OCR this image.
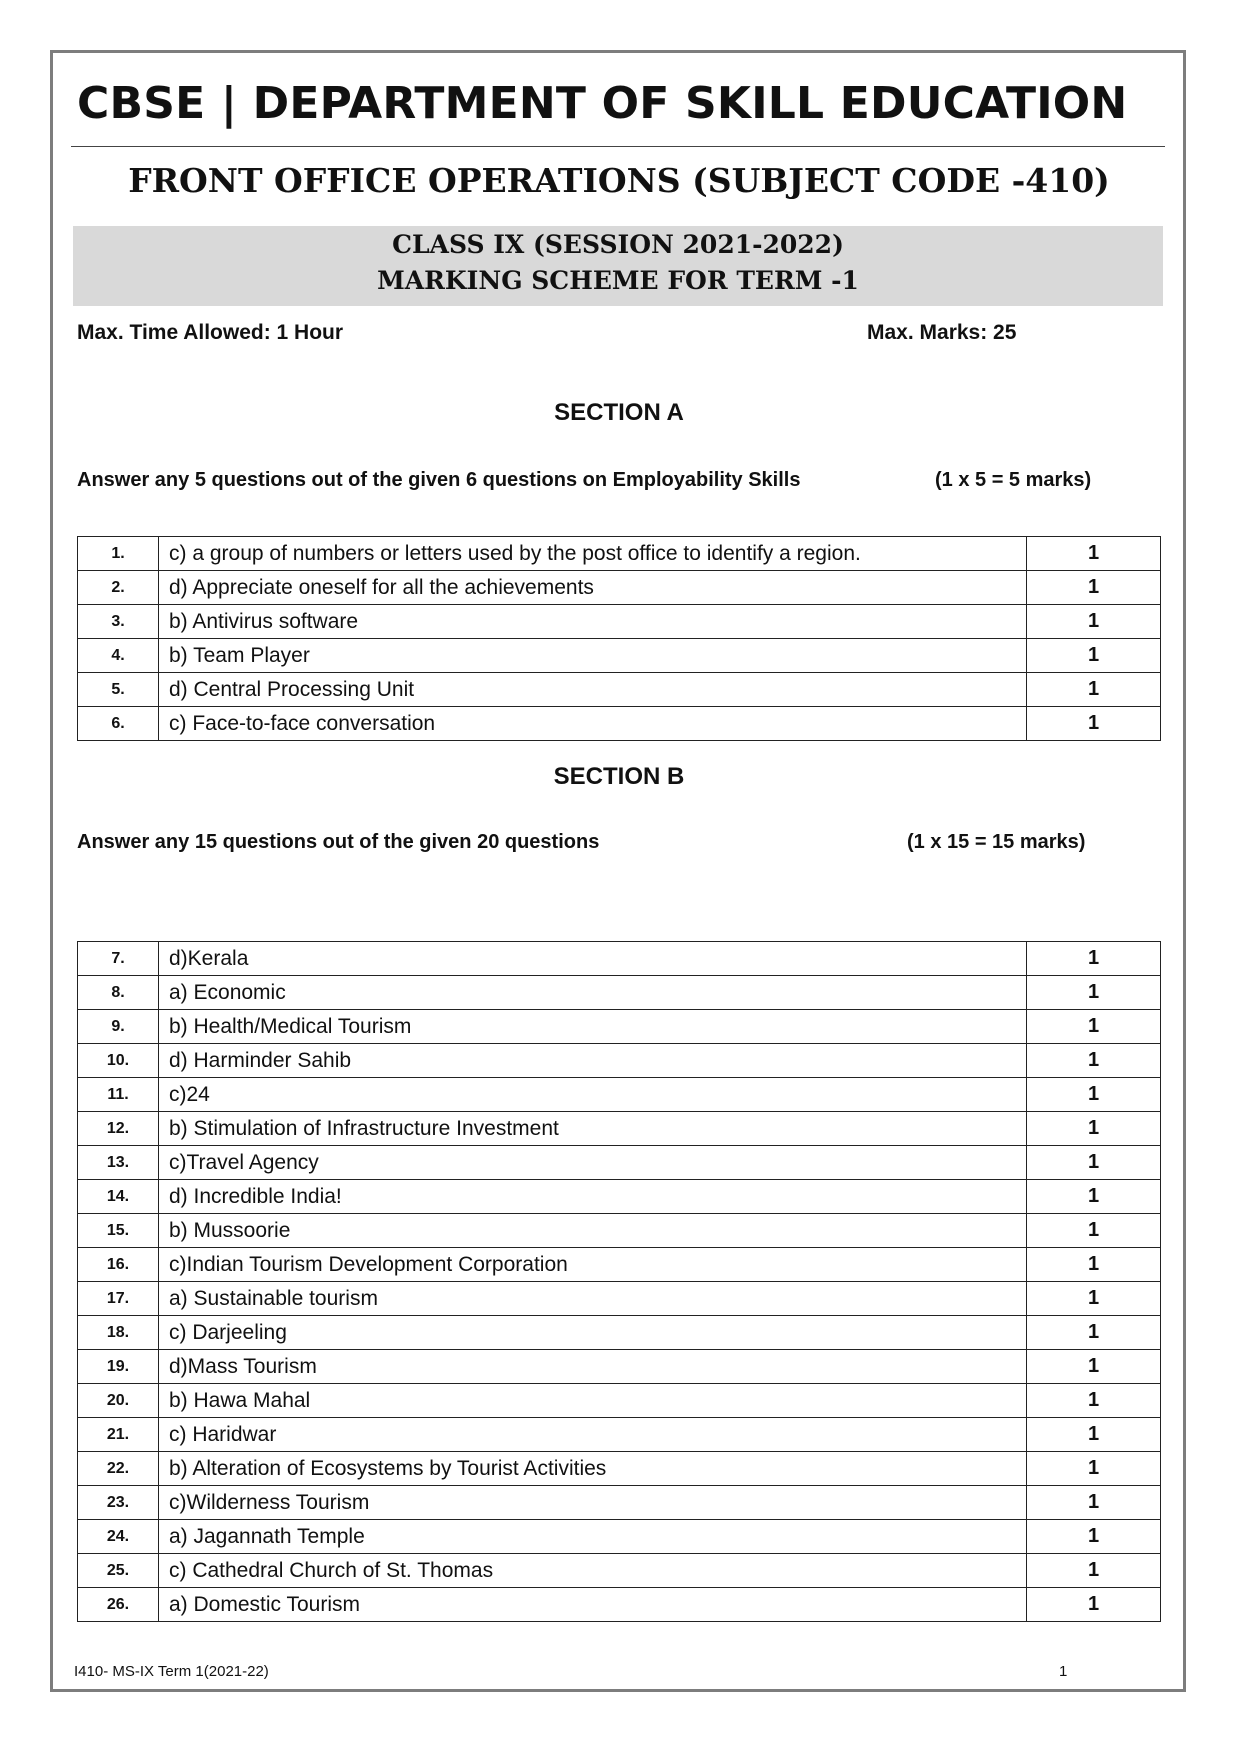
CBSE | DEPARTMENT OF SKILL EDUCATION
FRONT OFFICE OPERATIONS (SUBJECT CODE -410)
CLASS IX (SESSION 2021-2022)
MARKING SCHEME FOR TERM -1
Max. Time Allowed: 1 Hour	Max. Marks: 25
SECTION A
Answer any 5 questions out of the given 6 questions on Employability Skills	(1 x 5 = 5 marks)
1.	c) a group of numbers or letters used by the post office to identify a region.	1
2.	d) Appreciate oneself for all the achievements	1
3.	b) Antivirus software	1
4.	b) Team Player	1
5.	d) Central Processing Unit	1
6.	c) Face-to-face conversation	1
SECTION B
Answer any 15 questions out of the given 20 questions	(1 x 15 = 15 marks)
7.	d)Kerala	1
8.	a) Economic	1
9.	b) Health/Medical Tourism	1
10.	d) Harminder Sahib	1
11.	c)24	1
12.	b) Stimulation of Infrastructure Investment	1
13.	c)Travel Agency	1
14.	d) Incredible India!	1
15.	b) Mussoorie	1
16.	c)Indian Tourism Development Corporation	1
17.	a) Sustainable tourism	1
18.	c) Darjeeling	1
19.	d)Mass Tourism	1
20.	b) Hawa Mahal	1
21.	c) Haridwar	1
22.	b) Alteration of Ecosystems by Tourist Activities	1
23.	c)Wilderness Tourism	1
24.	a) Jagannath Temple	1
25.	c) Cathedral Church of St. Thomas	1
26.	a) Domestic Tourism	1
I410- MS-IX Term 1(2021-22)	1
